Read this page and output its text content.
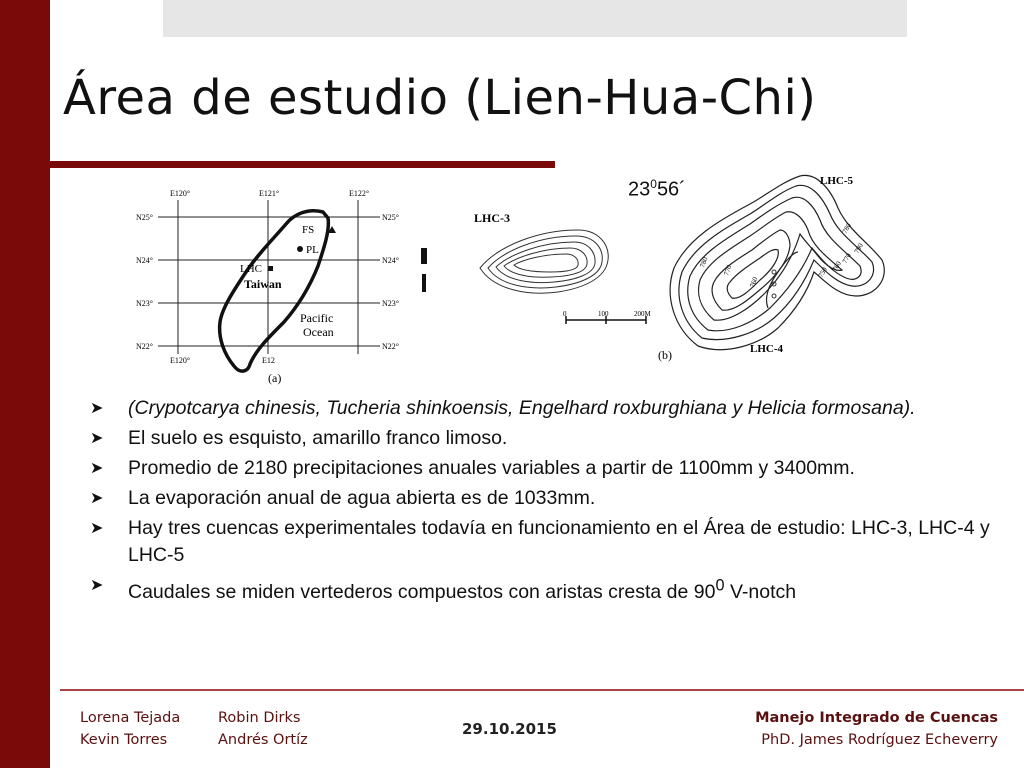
Área de estudio (Lien-Hua-Chi)
$23^056´$
E120°	E121°	E122°
E120°	E12
N25°
N24°
N23°
N22°
N25°
N24°
N23°
N22°
FS
PL
LHC
Taiwan
Pacific
Ocean
(a)
LHC-3
LHC-5
LHC-4
0	100	200M
(b)
780
790
770
760
750
780
770
760
➤ (Crypotcarya chinesis, Tucheria shinkoensis, Engelhard roxburghiana y Helicia formosana).
➤ El suelo es esquisto, amarillo franco limoso.
➤ Promedio de 2180 precipitaciones anuales variables a partir de 1100mm y 3400mm.
➤ La evaporación anual de agua abierta es de 1033mm.
➤ Hay tres cuencas experimentales todavía en funcionamiento en el Área de estudio: LHC-3, LHC-4 y LHC-5
➤ Caudales se miden vertederos compuestos con aristas cresta de $90^0$ V-notch
Lorena Tejada
Kevin Torres
Robin Dirks
Andrés Ortíz
29.10.2015
Manejo Integrado de Cuencas
PhD. James Rodríguez Echeverry
